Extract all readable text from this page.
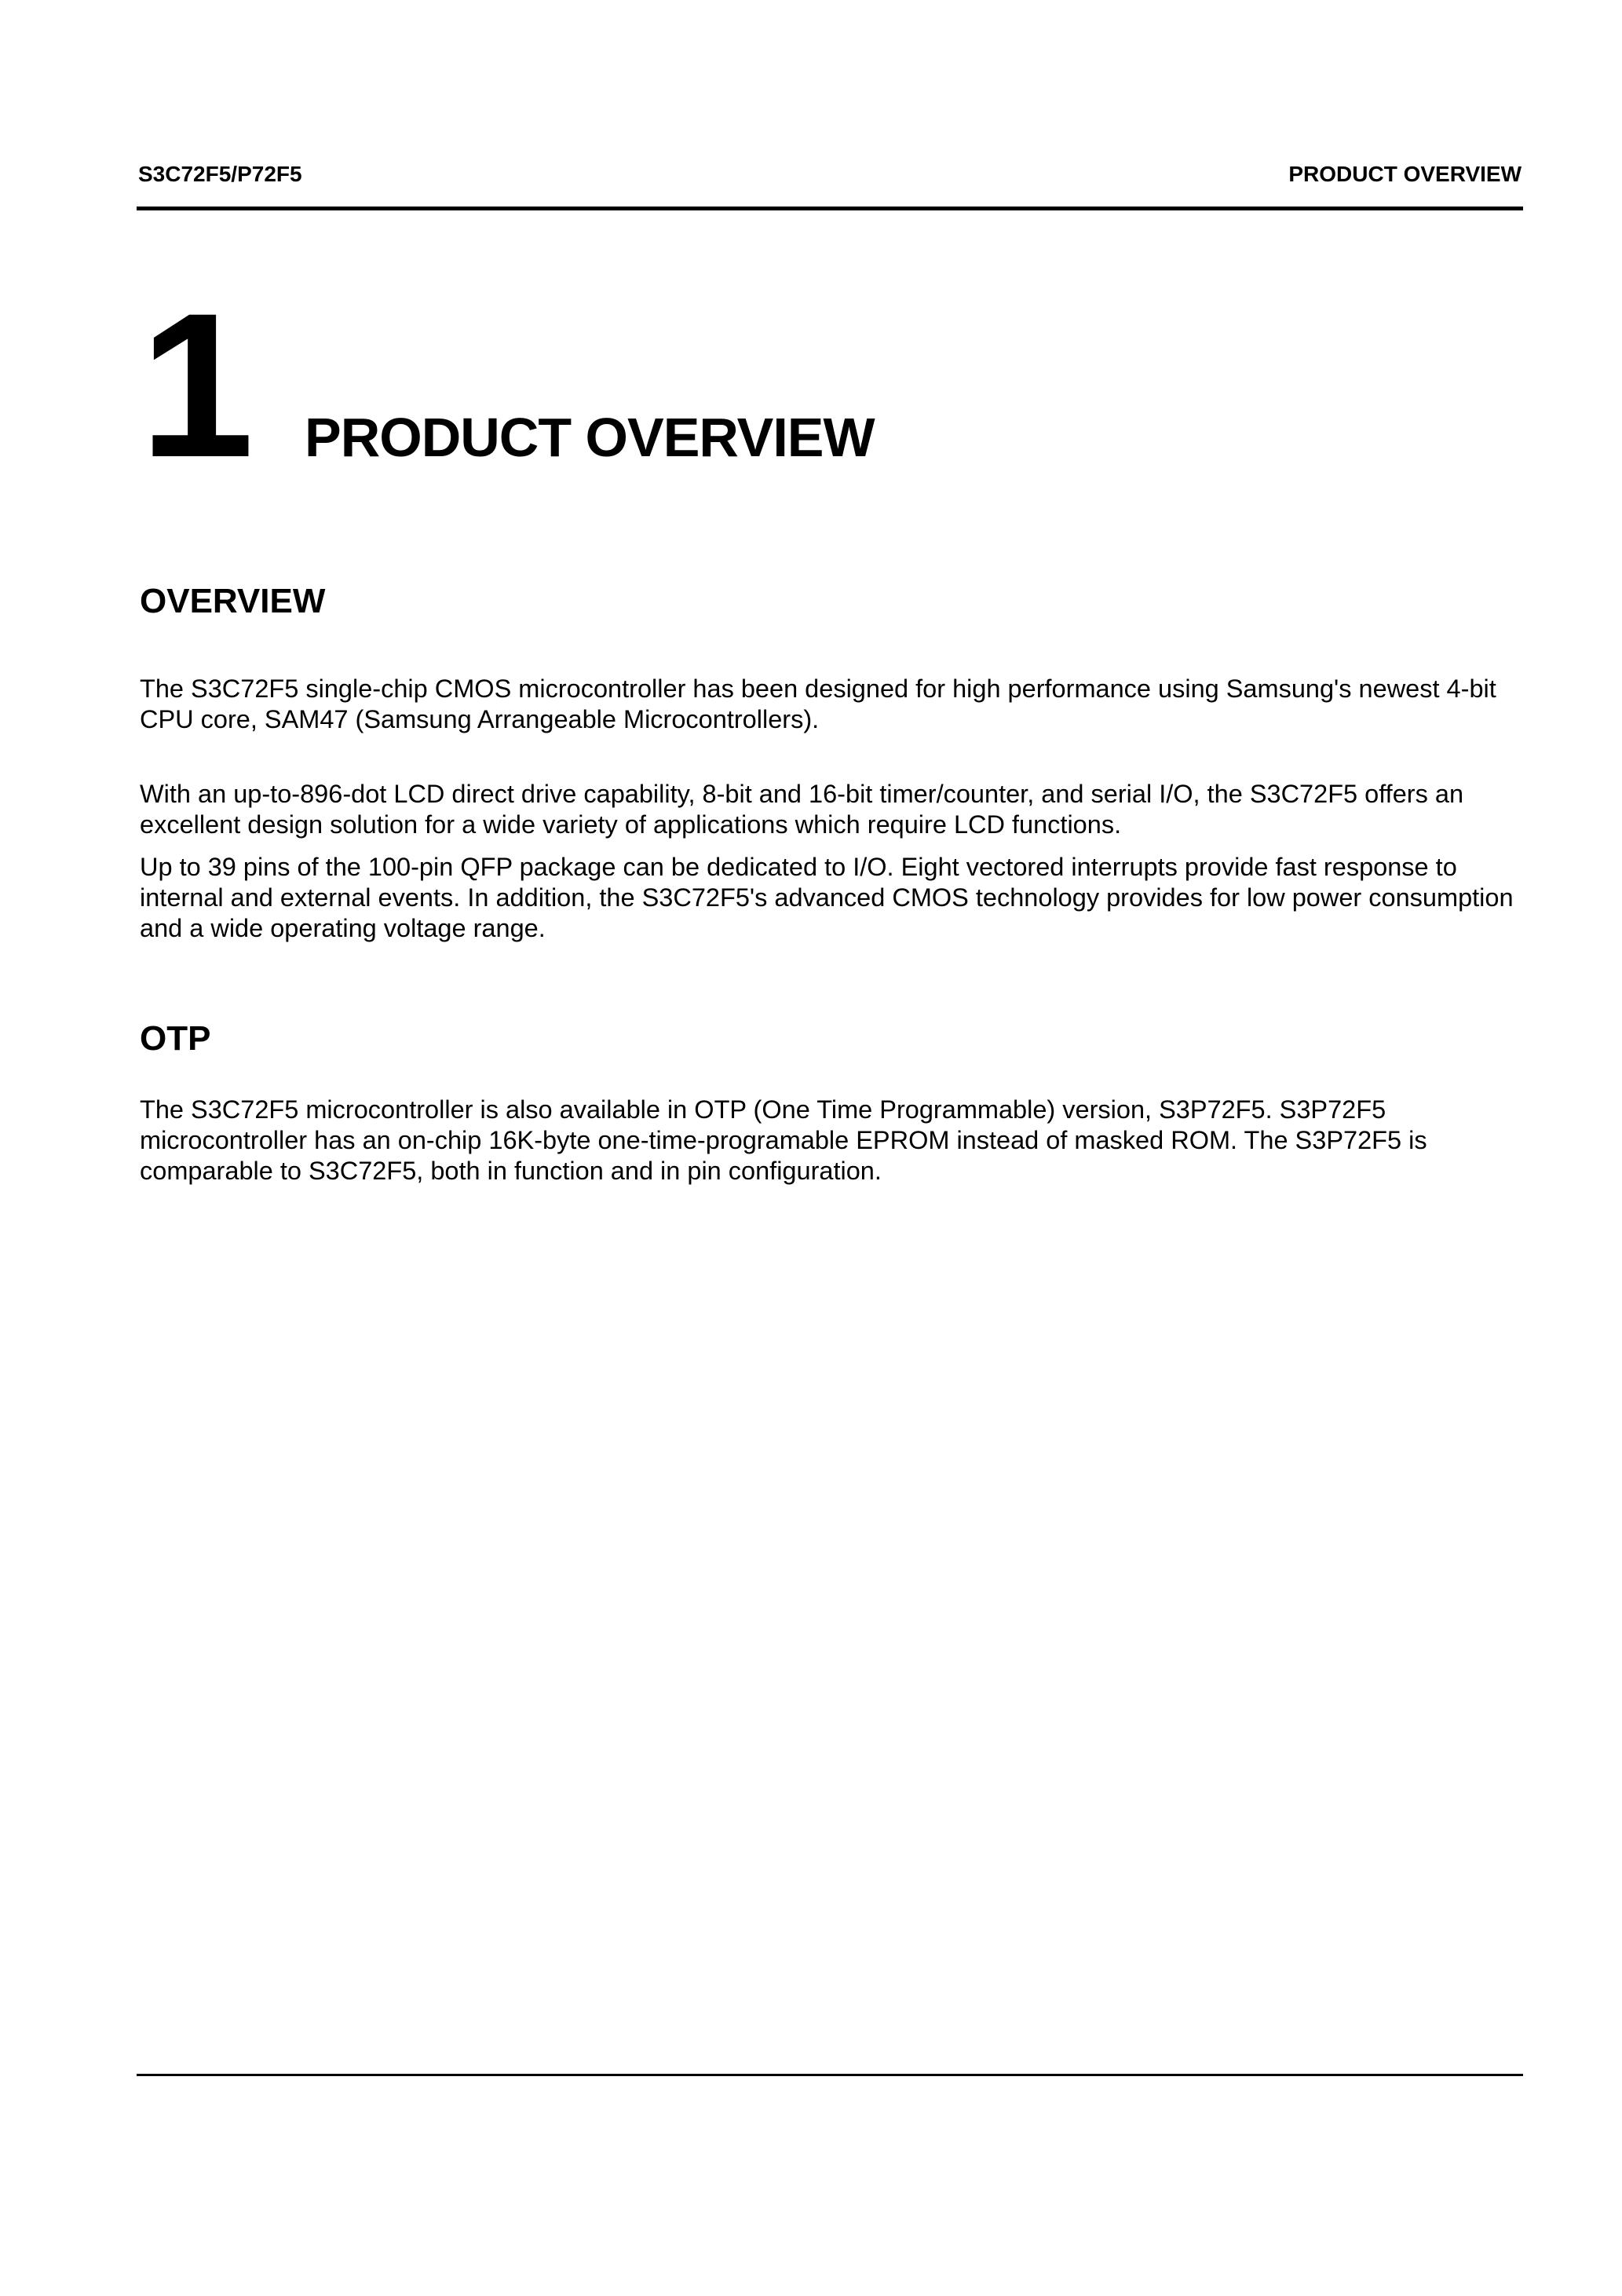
S3C72F5/P72F5	PRODUCT OVERVIEW
1 PRODUCT OVERVIEW
OVERVIEW
The S3C72F5 single-chip CMOS microcontroller has been designed for high performance using Samsung's newest 4-bit CPU core, SAM47 (Samsung Arrangeable Microcontrollers).
With an up-to-896-dot LCD direct drive capability, 8-bit and 16-bit timer/counter, and serial I/O, the S3C72F5 offers an excellent design solution for a wide variety of applications which require LCD functions.
Up to 39 pins of the 100-pin QFP package can be dedicated to I/O. Eight vectored interrupts provide fast response to internal and external events. In addition, the S3C72F5's advanced CMOS technology provides for low power consumption and a wide operating voltage range.
OTP
The S3C72F5 microcontroller is also available in OTP (One Time Programmable) version, S3P72F5. S3P72F5 microcontroller has an on-chip 16K-byte one-time-programable EPROM instead of masked ROM. The S3P72F5 is comparable to S3C72F5, both in function and in pin configuration.
